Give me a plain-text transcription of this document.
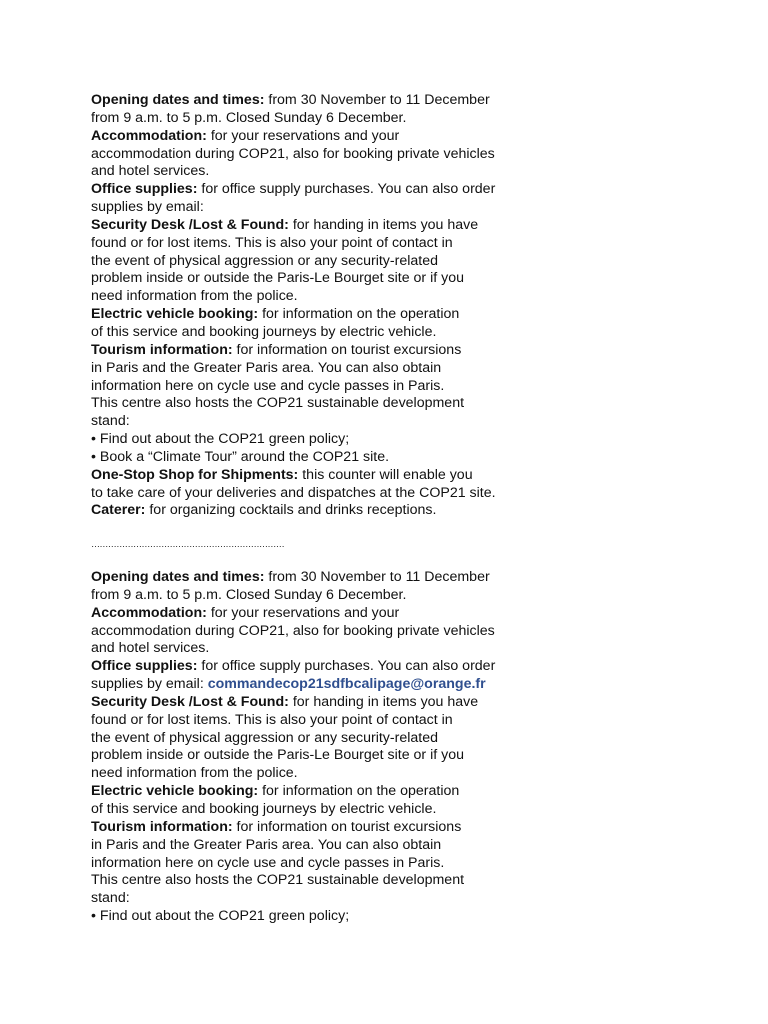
Opening dates and times: from 30 November to 11 December
from 9 a.m. to 5 p.m. Closed Sunday 6 December.
Accommodation: for your reservations and your
accommodation during COP21, also for booking private vehicles
and hotel services.
Office supplies: for office supply purchases. You can also order
supplies by email:
Security Desk /Lost & Found: for handing in items you have
found or for lost items. This is also your point of contact in
the event of physical aggression or any security-related
problem inside or outside the Paris-Le Bourget site or if you
need information from the police.
Electric vehicle booking: for information on the operation
of this service and booking journeys by electric vehicle.
Tourism information: for information on tourist excursions
in Paris and the Greater Paris area. You can also obtain
information here on cycle use and cycle passes in Paris.
This centre also hosts the COP21 sustainable development
stand:
• Find out about the COP21 green policy;
• Book a “Climate Tour” around the COP21 site.
One-Stop Shop for Shipments: this counter will enable you
to take care of your deliveries and dispatches at the COP21 site.
Caterer: for organizing cocktails and drinks receptions.
……………………………………………………………
Opening dates and times: from 30 November to 11 December
from 9 a.m. to 5 p.m. Closed Sunday 6 December.
Accommodation: for your reservations and your
accommodation during COP21, also for booking private vehicles
and hotel services.
Office supplies: for office supply purchases. You can also order
supplies by email: commandecop21sdfbcalipage@orange.fr
Security Desk /Lost & Found: for handing in items you have
found or for lost items. This is also your point of contact in
the event of physical aggression or any security-related
problem inside or outside the Paris-Le Bourget site or if you
need information from the police.
Electric vehicle booking: for information on the operation
of this service and booking journeys by electric vehicle.
Tourism information: for information on tourist excursions
in Paris and the Greater Paris area. You can also obtain
information here on cycle use and cycle passes in Paris.
This centre also hosts the COP21 sustainable development
stand:
• Find out about the COP21 green policy;
